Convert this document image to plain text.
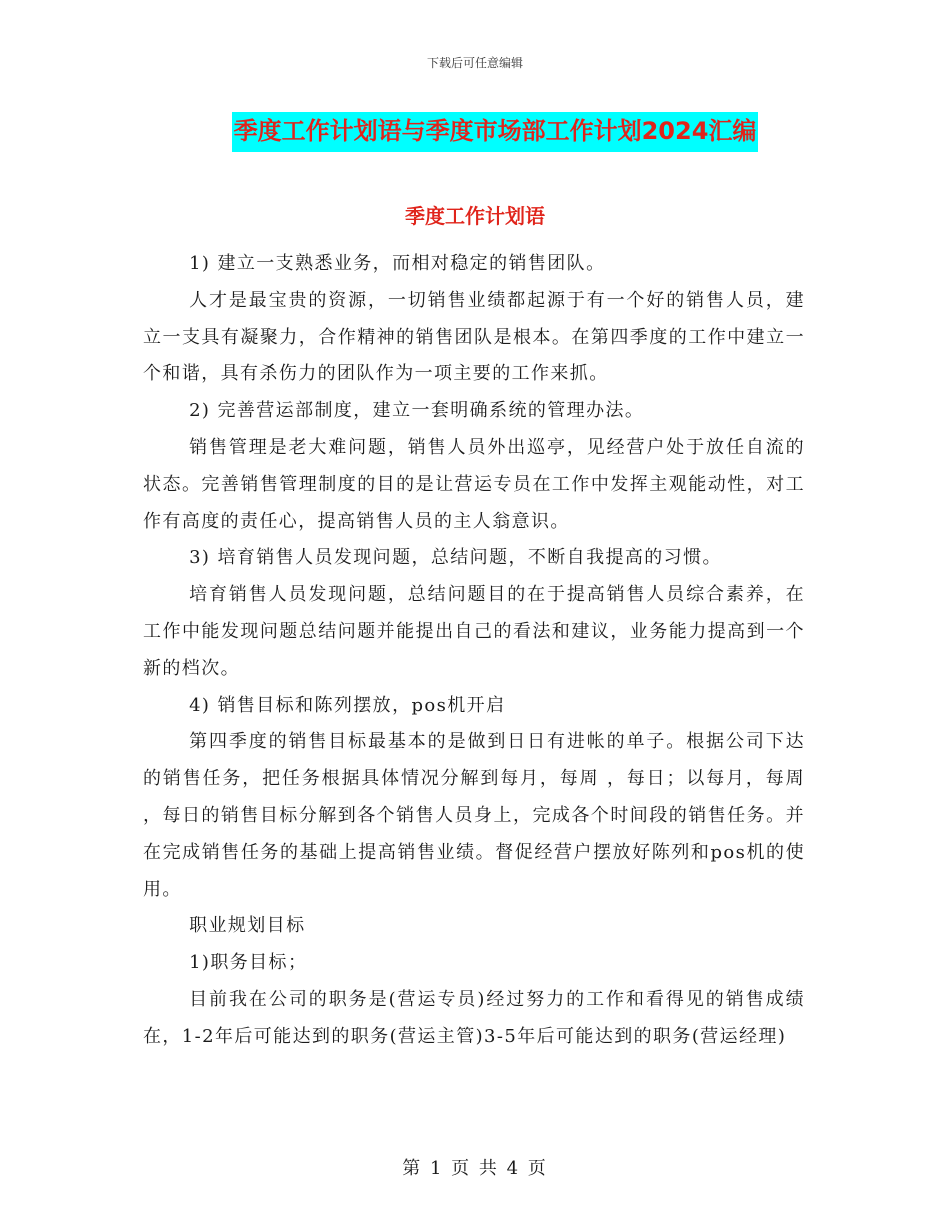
下载后可任意编辑
季度工作计划语与季度市场部工作计划2024汇编
季度工作计划语

1) 建立一支熟悉业务，而相对稳定的销售团队。

人才是最宝贵的资源，一切销售业绩都起源于有一个好的销售人员，建立一支具有凝聚力，合作精神的销售团队是根本。在第四季度的工作中建立一个和谐，具有杀伤力的团队作为一项主要的工作来抓。

2) 完善营运部制度，建立一套明确系统的管理办法。

销售管理是老大难问题，销售人员外出巡亭，见经营户处于放任自流的状态。完善销售管理制度的目的是让营运专员在工作中发挥主观能动性，对工作有高度的责任心，提高销售人员的主人翁意识。

3) 培育销售人员发现问题，总结问题，不断自我提高的习惯。

培育销售人员发现问题，总结问题目的在于提高销售人员综合素养，在工作中能发现问题总结问题并能提出自己的看法和建议，业务能力提高到一个新的档次。

4) 销售目标和陈列摆放，pos机开启

第四季度的销售目标最基本的是做到日日有进帐的单子。根据公司下达的销售任务，把任务根据具体情况分解到每月，每周 ，每日；以每月，每周 ，每日的销售目标分解到各个销售人员身上，完成各个时间段的销售任务。并在完成销售任务的基础上提高销售业绩。督促经营户摆放好陈列和pos机的使用。

职业规划目标

1)职务目标；

目前我在公司的职务是(营运专员)经过努力的工作和看得见的销售成绩在，1-2年后可能达到的职务(营运主管)3-5年后可能达到的职务(营运经理)

第 1 页 共 4 页
